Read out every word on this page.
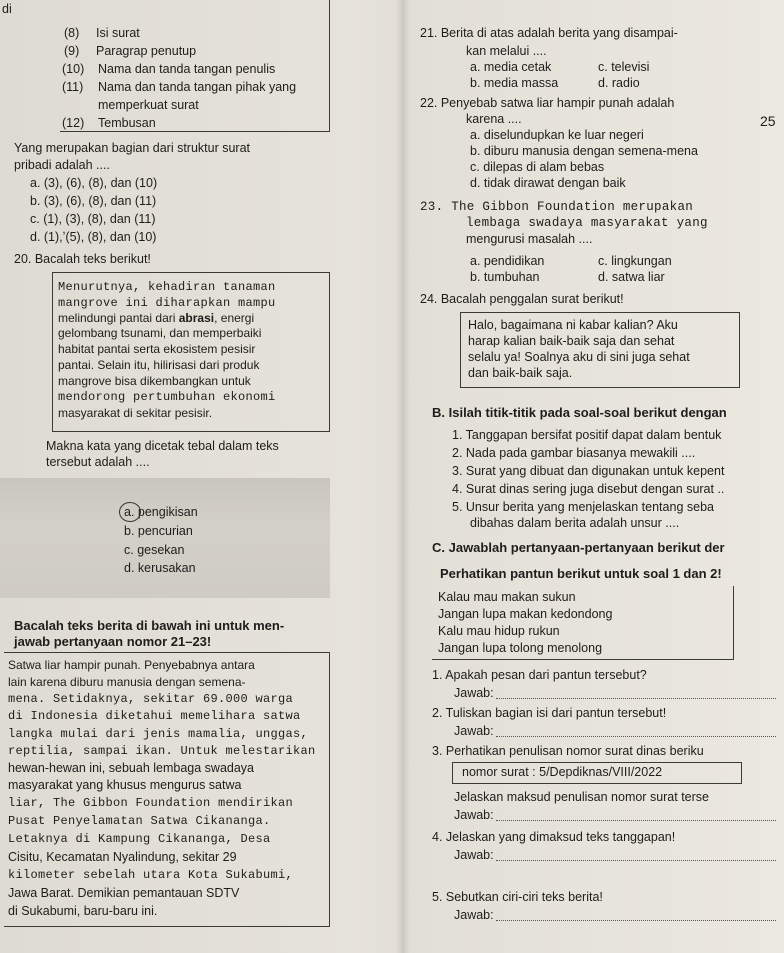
di
(8) Isi surat
(9) Paragrap penutup
(10) Nama dan tanda tangan penulis
(11) Nama dan tanda tangan pihak yang
memperkuat surat
(12) Tembusan
Yang merupakan bagian dari struktur surat
pribadi adalah ....
a. (3), (6), (8), dan (10)
b. (3), (6), (8), dan (11)
c. (1), (3), (8), dan (11)
d. (1),ʼ(5), (8), dan (10)
20. Bacalah teks berikut!
Menurutnya, kehadiran tanaman
mangrove ini diharapkan mampu
melindungi pantai dari abrasi, energi
gelombang tsunami, dan memperbaiki
habitat pantai serta ekosistem pesisir
pantai. Selain itu, hilirisasi dari produk
mangrove bisa dikembangkan untuk
mendorong pertumbuhan ekonomi
masyarakat di sekitar pesisir.
Makna kata yang dicetak tebal dalam teks
tersebut adalah ....
a. pengikisan
b. pencurian
c. gesekan
d. kerusakan
Bacalah teks berita di bawah ini untuk men-
jawab pertanyaan nomor 21–23!
Satwa liar hampir punah. Penyebabnya antara
lain karena diburu manusia dengan semena-
mena. Setidaknya, sekitar 69.000 warga
di Indonesia diketahui memelihara satwa
langka mulai dari jenis mamalia, unggas,
reptilia, sampai ikan. Untuk melestarikan
hewan-hewan ini, sebuah lembaga swadaya
masyarakat yang khusus mengurus satwa
liar, The Gibbon Foundation mendirikan
Pusat Penyelamatan Satwa Cikananga.
Letaknya di Kampung Cikananga, Desa
Cisitu, Kecamatan Nyalindung, sekitar 29
kilometer sebelah utara Kota Sukabumi,
Jawa Barat. Demikian pemantauan SDTV
di Sukabumi, baru-baru ini.
21. Berita di atas adalah berita yang disampai-
kan melalui ....
a. media cetak	c. televisi
b. media massa	d. radio
22. Penyebab satwa liar hampir punah adalah
karena ....	25
a. diselundupkan ke luar negeri
b. diburu manusia dengan semena-mena
c. dilepas di alam bebas
d. tidak dirawat dengan baik
23. The Gibbon Foundation merupakan
lembaga swadaya masyarakat yang
mengurusi masalah ....
a. pendidikan	c. lingkungan
b. tumbuhan	d. satwa liar
24. Bacalah penggalan surat berikut!
Halo, bagaimana ni kabar kalian? Aku
harap kalian baik-baik saja dan sehat
selalu ya! Soalnya aku di sini juga sehat
dan baik-baik saja.
B. Isilah titik-titik pada soal-soal berikut dengan
1. Tanggapan bersifat positif dapat dalam bentuk
2. Nada pada gambar biasanya mewakili ....
3. Surat yang dibuat dan digunakan untuk kepent
4. Surat dinas sering juga disebut dengan surat ..
5. Unsur berita yang menjelaskan tentang seba
dibahas dalam berita adalah unsur ....
C. Jawablah pertanyaan-pertanyaan berikut der
Perhatikan pantun berikut untuk soal 1 dan 2!
Kalau mau makan sukun
Jangan lupa makan kedondong
Kalu mau hidup rukun
Jangan lupa tolong menolong
1. Apakah pesan dari pantun tersebut?
Jawab:
2. Tuliskan bagian isi dari pantun tersebut!
Jawab:
3. Perhatikan penulisan nomor surat dinas beriku
nomor surat : 5/Depdiknas/VIII/2022
Jelaskan maksud penulisan nomor surat terse
Jawab:
4. Jelaskan yang dimaksud teks tanggapan!
Jawab:
5. Sebutkan ciri-ciri teks berita!
Jawab:
